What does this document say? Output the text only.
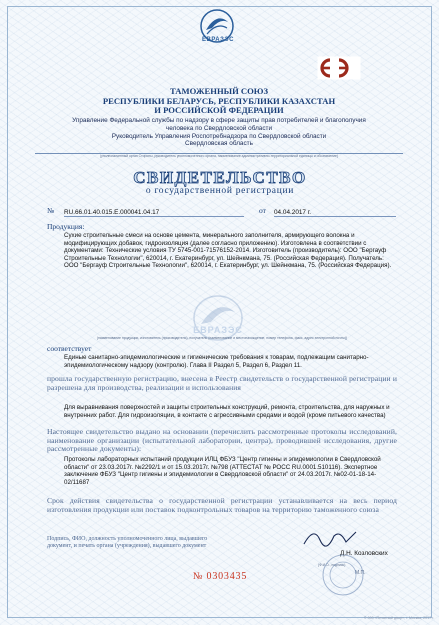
ЕВРАЗЭС
ТАМОЖЕННЫЙ СОЮЗ
РЕСПУБЛИКИ БЕЛАРУСЬ, РЕСПУБЛИКИ КАЗАХСТАН
И РОССИЙСКОЙ ФЕДЕРАЦИИ
Управление Федеральной службы по надзору в сфере защиты прав потребителей и благополучия
человека по Свердловской области
Руководитель Управления Роспотребнадзора по Свердловской области
Свердловская область
(уполномоченный орган Стороны, руководитель уполномоченного органа, наименование административно-территориальной единицы и обозначение)
СВИДЕТЕЛЬСТВО
о государственной регистрации
№ RU.66.01.40.015.Е.000041.04.17	от 04.04.2017 г.
Продукция:
Сухие строительные смеси на основе цемента, минерального заполнителя, армирующего волокна и модифицирующих добавок, гидроизоляция (далее согласно приложению). Изготовлена в соответствии с документами: Технические условия ТУ 5745-001-71576152-2014. Изготовитель (производитель): ООО "Бергауф Строительные Технологии", 620014, г. Екатеринбург, ул. Шейнкмана, 75. (Российская Федерация). Получатель: ООО "Бергауф Строительные Технологии", 620014, г. Екатеринбург, ул. Шейнкмана, 75. (Российская Федерация).
ЕВРАЗЭС
(наименование продукции, изготовитель (производитель), получатель (наименование и местонахождение, номер телефона, факс, адрес электронной почты))
соответствует
Единые санитарно-эпидемиологические и гигиенические требования к товарам, подлежащим санитарно-эпидемиологическому надзору (контролю). Глава II Раздел 5, Раздел 6, Раздел 11.
прошла государственную регистрацию, внесена в Реестр свидетельств о государственной регистрации и разрешена для производства, реализации и использования
Для выравнивания поверхностей и защиты строительных конструкций, ремонта, строительства, для наружных и внутренних работ. Для гидроизоляции, в контакте с агрессивными средами и водой (кроме питьевого качества)
Настоящее свидетельство выдано на основании (перечислить рассмотренные протоколы исследований, наименование организации (испытательной лаборатории, центра), проводившей исследования, другие рассмотренные документы):
Протоколы лабораторных испытаний продукции ИЛЦ ФБУЗ "Центр гигиены и эпидемиологии в Свердловской области" от 23.03.2017г. №2292/1 и от 15.03.2017г. №798 (АТТЕСТАТ № РОСС RU.0001.510116). Экспертное заключение ФБУЗ "Центр гигиены и эпидемиологии в Свердловской области" от 24.03.2017г. №02-01-18-14-02/11687
Срок действия свидетельства о государственной регистрации устанавливается на весь период изготовления продукции или поставок подконтрольных товаров на территорию таможенного союза
Подпись, ФИО, должность уполномоченного лица, выдавшего документ, и печать органа (учреждения), выдавшего документ
Д.Н. Козловских
(Ф.И.О., подпись)
М.П.
№ 0303435
© 000 «Печатный двор», г. Москва, 2017 г.
